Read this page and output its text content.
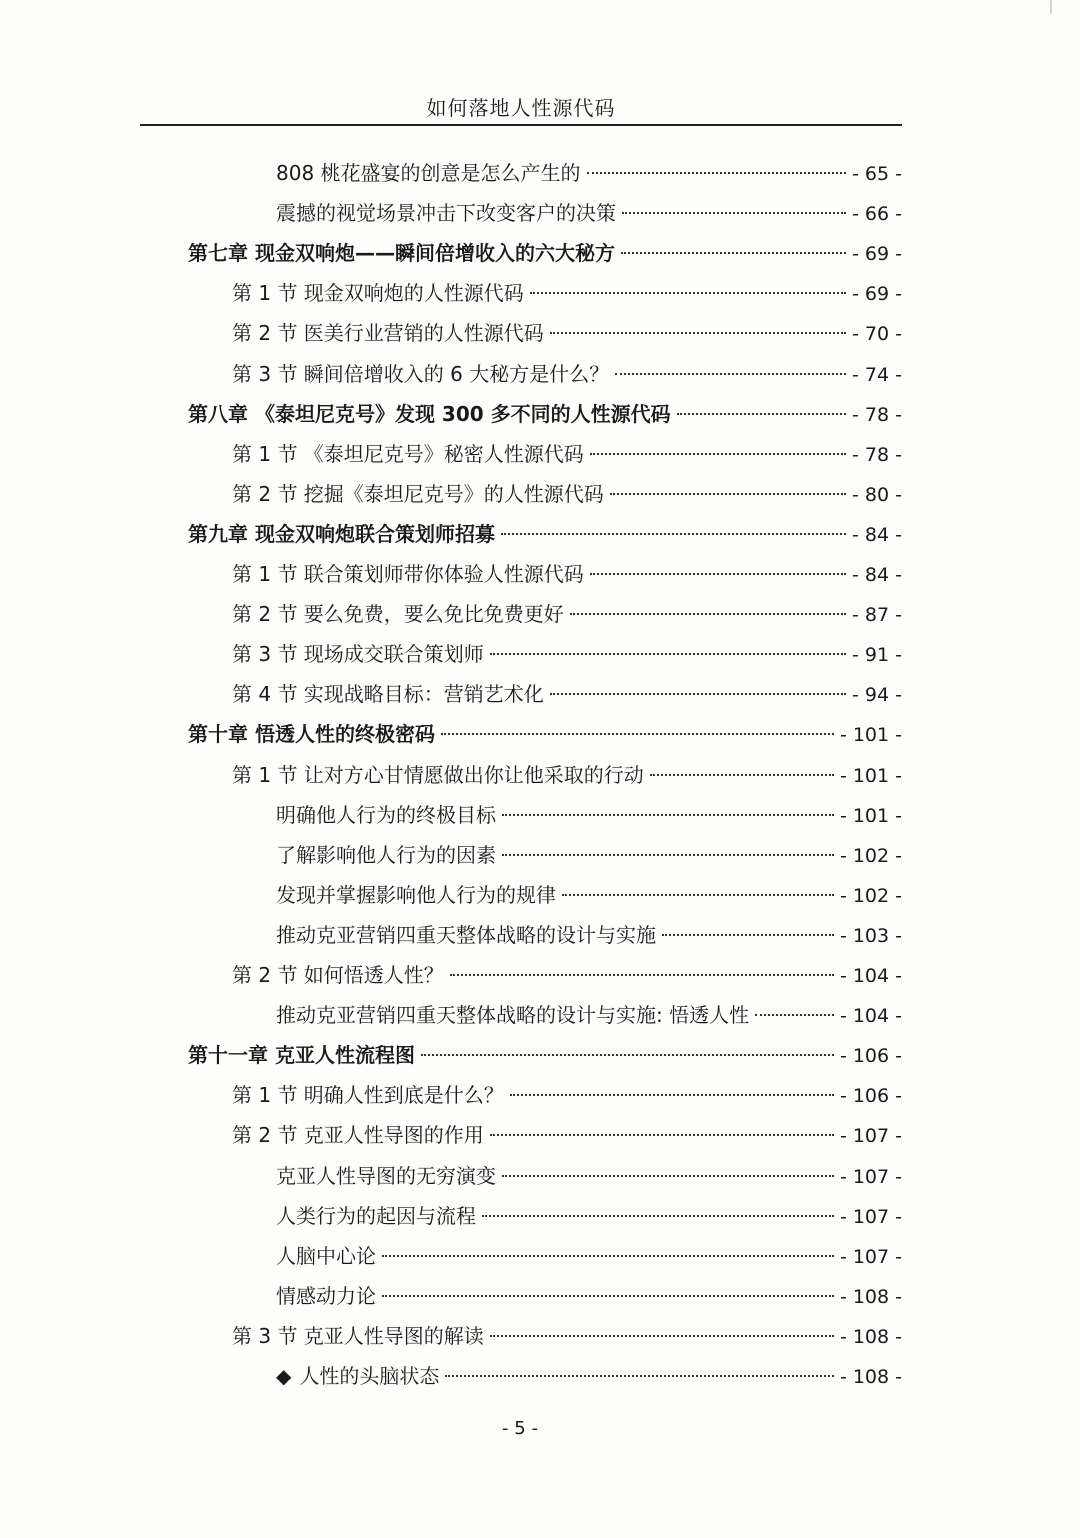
如何落地人性源代码
808 桃花盛宴的创意是怎么产生的	- 65 -
震撼的视觉场景冲击下改变客户的决策	- 66 -
第七章 现金双响炮——瞬间倍增收入的六大秘方	- 69 -
第 1 节 现金双响炮的人性源代码	- 69 -
第 2 节 医美行业营销的人性源代码	- 70 -
第 3 节 瞬间倍增收入的 6 大秘方是什么？	- 74 -
第八章 《泰坦尼克号》发现 300 多不同的人性源代码	- 78 -
第 1 节 《泰坦尼克号》秘密人性源代码	- 78 -
第 2 节 挖掘《泰坦尼克号》的人性源代码	- 80 -
第九章 现金双响炮联合策划师招募	- 84 -
第 1 节 联合策划师带你体验人性源代码	- 84 -
第 2 节 要么免费，要么免比免费更好	- 87 -
第 3 节 现场成交联合策划师	- 91 -
第 4 节 实现战略目标：营销艺术化	- 94 -
第十章 悟透人性的终极密码	- 101 -
第 1 节 让对方心甘情愿做出你让他采取的行动	- 101 -
明确他人行为的终极目标	- 101 -
了解影响他人行为的因素	- 102 -
发现并掌握影响他人行为的规律	- 102 -
推动克亚营销四重天整体战略的设计与实施	- 103 -
第 2 节 如何悟透人性？	- 104 -
推动克亚营销四重天整体战略的设计与实施: 悟透人性	- 104 -
第十一章 克亚人性流程图	- 106 -
第 1 节 明确人性到底是什么？	- 106 -
第 2 节 克亚人性导图的作用	- 107 -
克亚人性导图的无穷演变	- 107 -
人类行为的起因与流程	- 107 -
人脑中心论	- 107 -
情感动力论	- 108 -
第 3 节 克亚人性导图的解读	- 108 -
◆ 人性的头脑状态	- 108 -
- 5 -
